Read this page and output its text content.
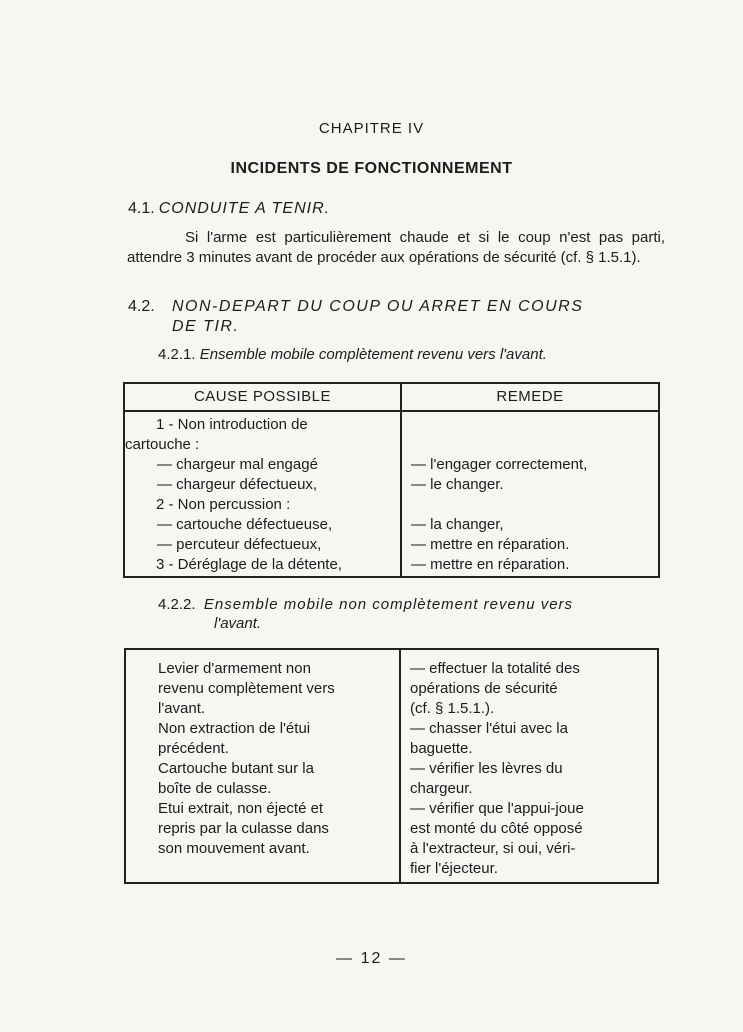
CHAPITRE IV
INCIDENTS DE FONCTIONNEMENT
4.1. CONDUITE A TENIR.
Si l'arme est particulièrement chaude et si le coup n'est pas parti, attendre 3 minutes avant de procéder aux opérations de sécurité (cf. § 1.5.1).
4.2. NON-DEPART DU COUP OU ARRET EN COURS
DE TIR.
4.2.1. Ensemble mobile complètement revenu vers l'avant.
CAUSE POSSIBLE	REMEDE
1 - Non introduction de
cartouche :
— chargeur mal engagé
— chargeur défectueux,
2 - Non percussion :
— cartouche défectueuse,
— percuteur défectueux,
3 - Déréglage de la détente,
— l'engager correctement,
— le changer.
— la changer,
— mettre en réparation.
— mettre en réparation.
4.2.2. Ensemble mobile non complètement revenu vers
l'avant.
Levier d'armement non
revenu complètement vers
l'avant.
Non extraction de l'étui
précédent.
Cartouche butant sur la
boîte de culasse.
Etui extrait, non éjecté et
repris par la culasse dans
son mouvement avant.
— effectuer la totalité des
opérations de sécurité
(cf. § 1.5.1.).
— chasser l'étui avec la
baguette.
— vérifier les lèvres du
chargeur.
— vérifier que l'appui-joue
est monté du côté opposé
à l'extracteur, si oui, véri-
fier l'éjecteur.
— 12 —
